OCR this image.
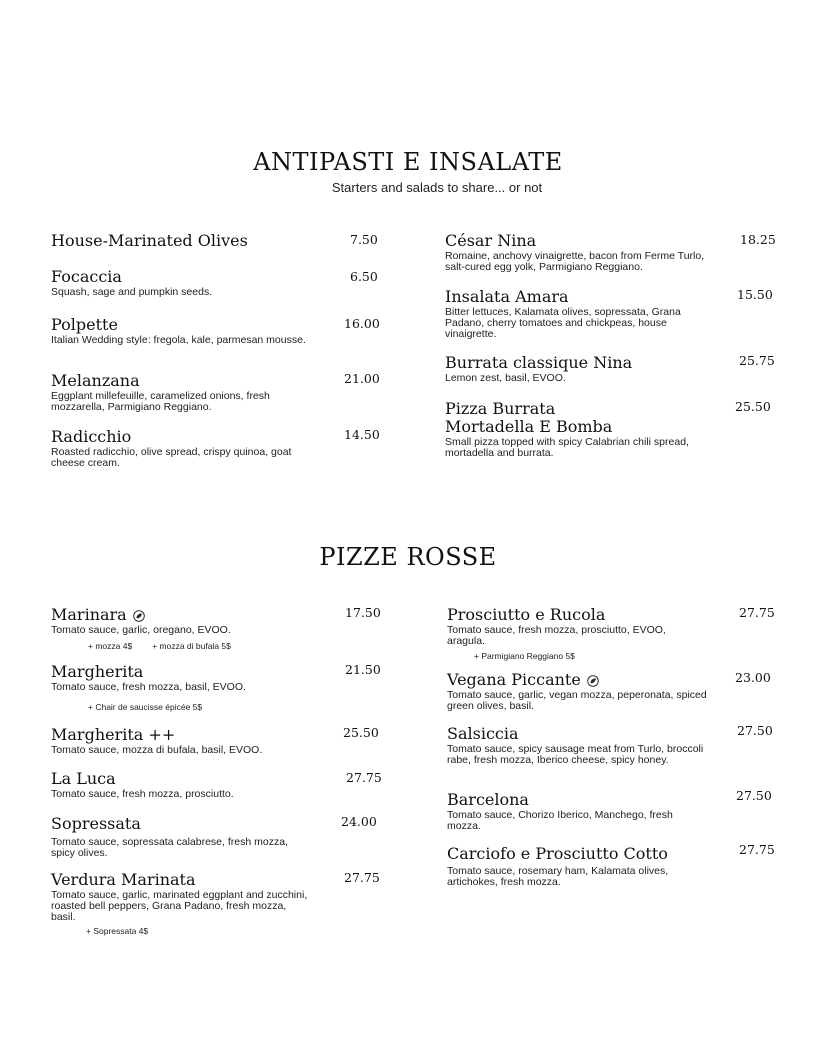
ANTIPASTI E INSALATE
Starters and salads to share... or not
House-Marinated Olives	7.50
Focaccia
Squash, sage and pumpkin seeds.
6.50
Polpette
Italian Wedding style: fregola, kale, parmesan mousse.
16.00
Melanzana
Eggplant millefeuille, caramelized onions, fresh mozzarella, Parmigiano Reggiano.
21.00
Radicchio
Roasted radicchio, olive spread, crispy quinoa, goat cheese cream.
14.50
César Nina
Romaine, anchovy vinaigrette, bacon from Ferme Turlo, salt-cured egg yolk, Parmigiano Reggiano.
18.25
Insalata Amara
Bitter lettuces, Kalamata olives, sopressata, Grana Padano, cherry tomatoes and chickpeas, house vinaigrette.
15.50
Burrata classique Nina
Lemon zest, basil, EVOO.
25.75
Pizza Burrata
Mortadella E Bomba
Small pizza topped with spicy Calabrian chili spread, mortadella and burrata.
25.50
PIZZE ROSSE
Marinara
Tomato sauce, garlic, oregano, EVOO.
+ mozza 4$ + mozza di bufala 5$
17.50
Margherita
Tomato sauce, fresh mozza, basil, EVOO.
+ Chair de saucisse épicée 5$
21.50
Margherita ++
Tomato sauce, mozza di bufala, basil, EVOO.
25.50
La Luca
Tomato sauce, fresh mozza, prosciutto.
27.75
Sopressata
Tomato sauce, sopressata calabrese, fresh mozza, spicy olives.
24.00
Verdura Marinata
Tomato sauce, garlic, marinated eggplant and zucchini, roasted bell peppers, Grana Padano, fresh mozza, basil.
+ Sopressata 4$
27.75
Prosciutto e Rucola
Tomato sauce, fresh mozza, prosciutto, EVOO, aragula.
+ Parmigiano Reggiano 5$
27.75
Vegana Piccante
Tomato sauce, garlic, vegan mozza, peperonata, spiced green olives, basil.
23.00
Salsiccia
Tomato sauce, spicy sausage meat from Turlo, broccoli rabe, fresh mozza, Iberico cheese, spicy honey.
27.50
Barcelona
Tomato sauce, Chorizo Iberico, Manchego, fresh mozza.
27.50
Carciofo e Prosciutto Cotto
Tomato sauce, rosemary ham, Kalamata olives, artichokes, fresh mozza.
27.75
